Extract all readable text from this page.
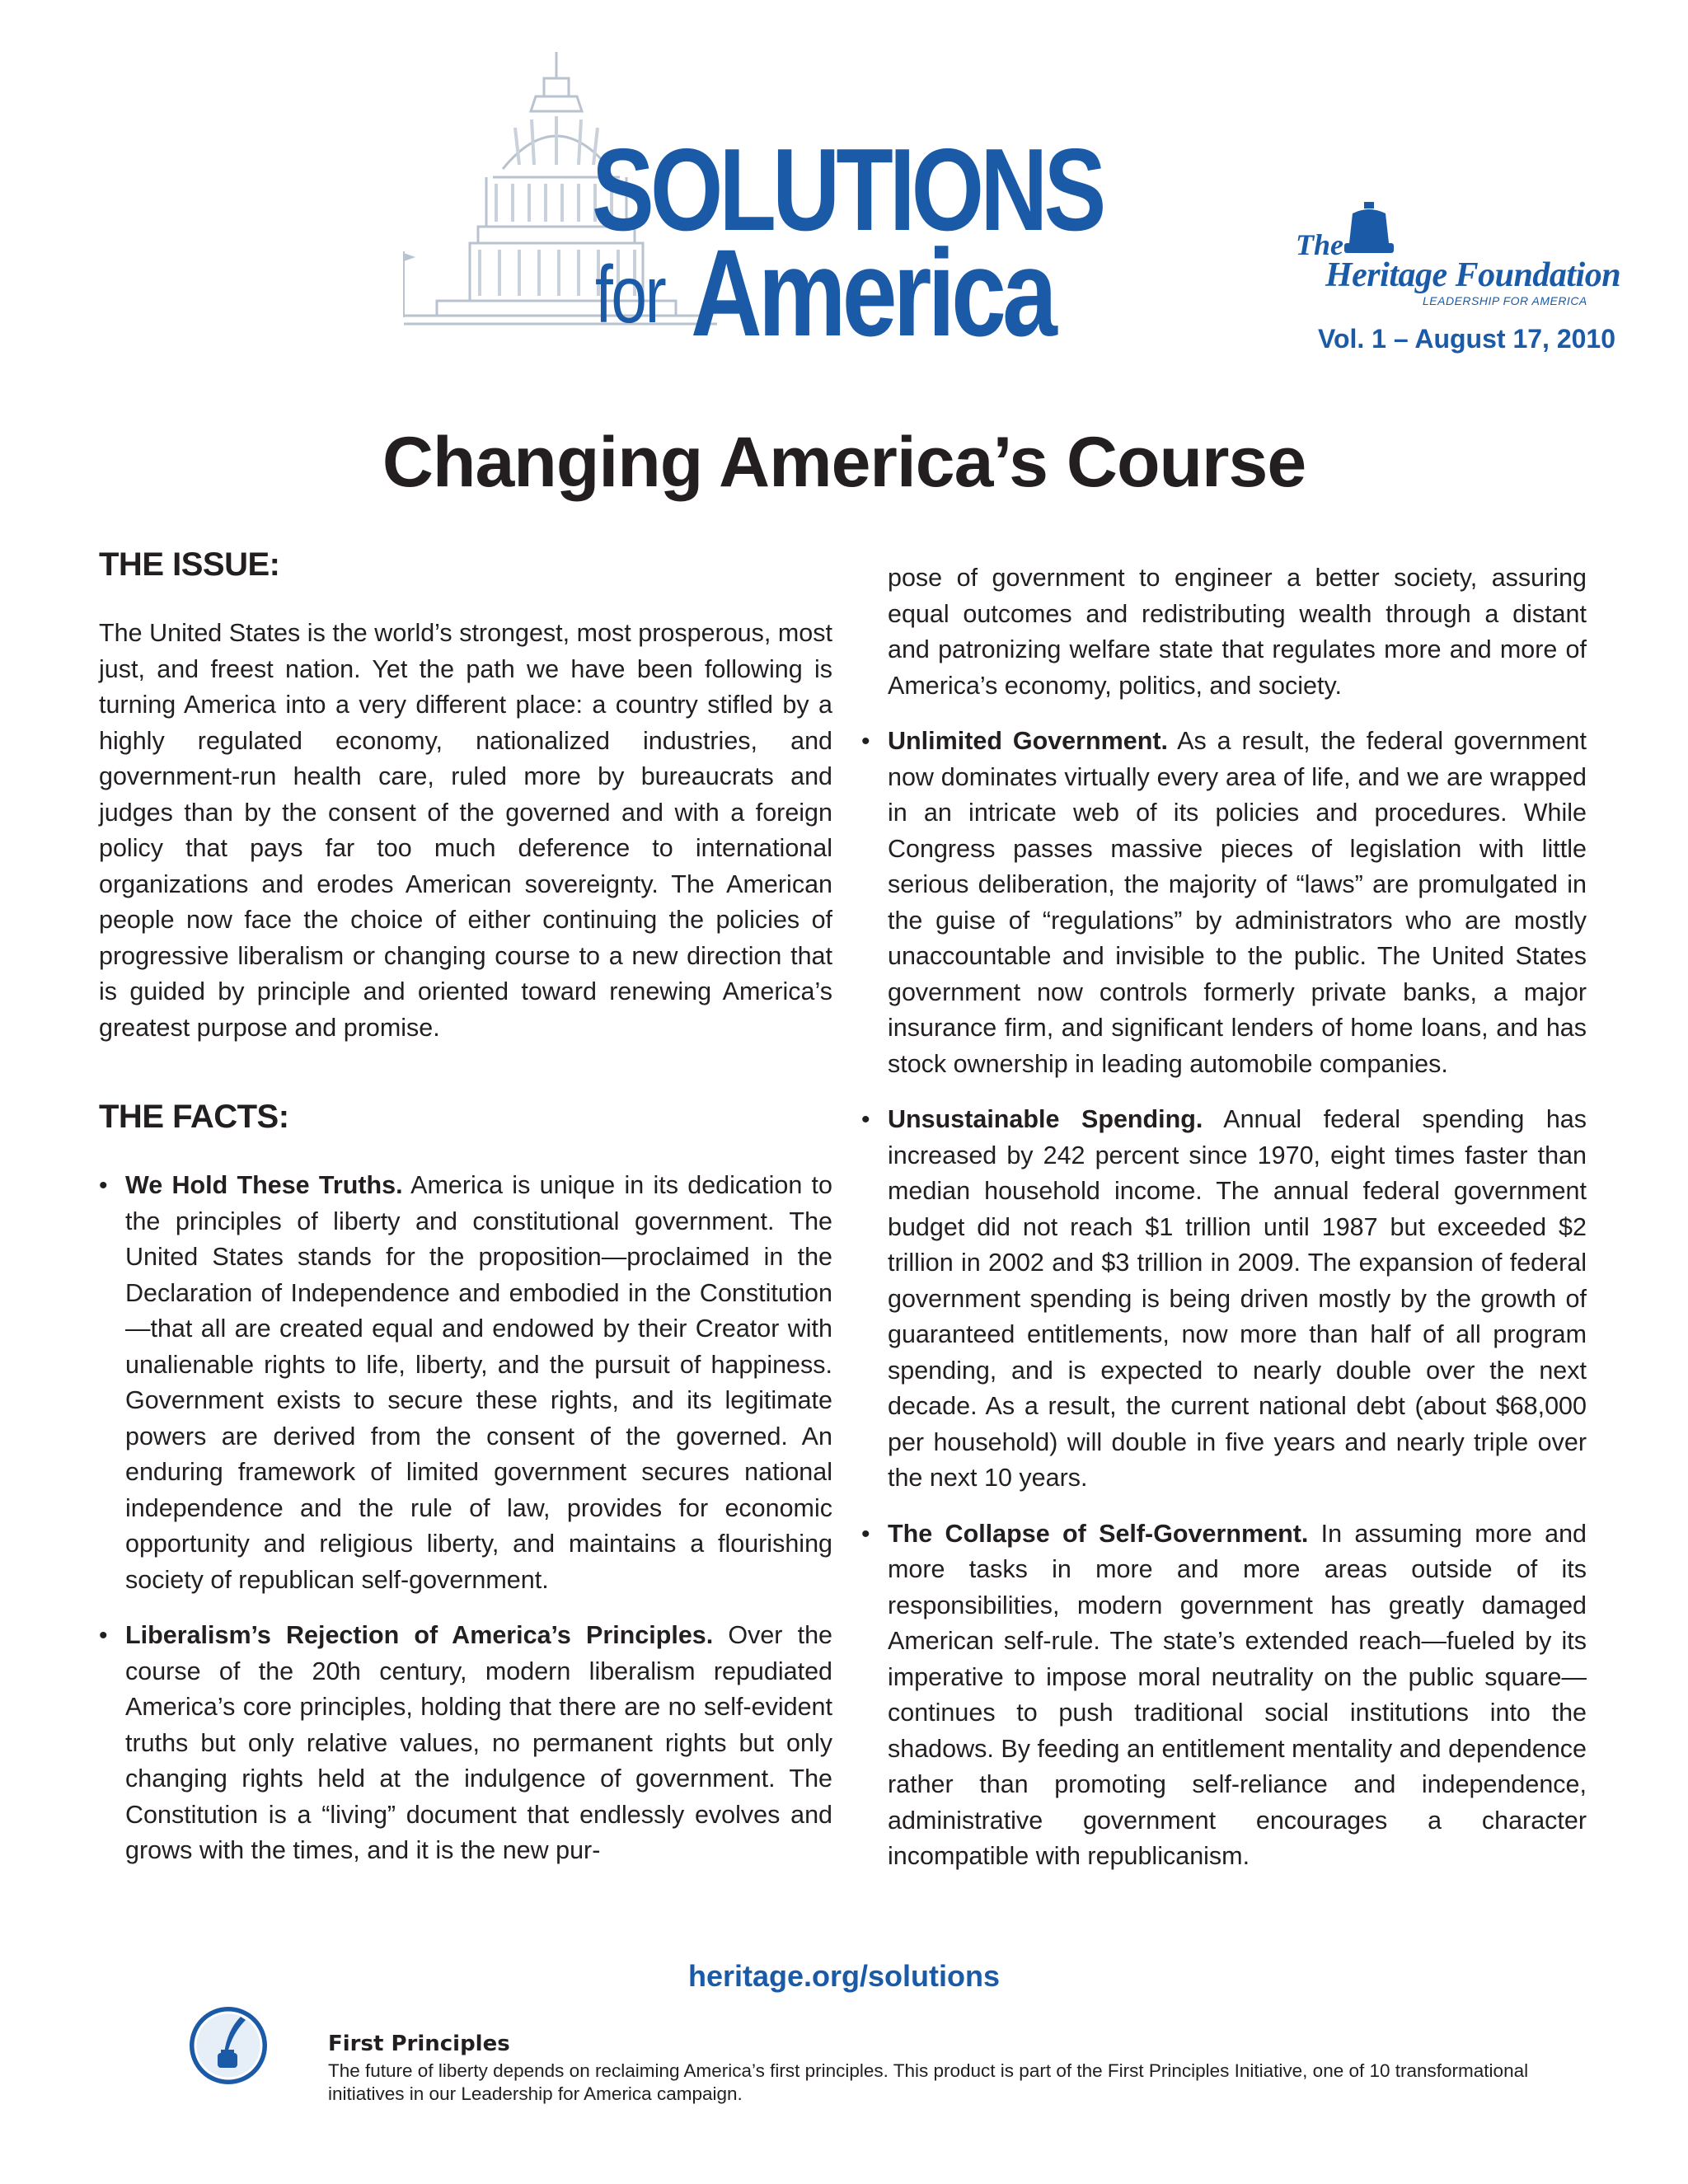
SOLUTIONS
for America	The
Heritage Foundation
LEADERSHIP FOR AMERICA
Vol. 1 – August 17, 2010
Changing America’s Course
THE ISSUE:

The United States is the world’s strongest, most prosperous, most just, and freest nation. Yet the path we have been following is turning America into a very different place: a country stifled by a highly regulated economy, nationalized industries, and government-run health care, ruled more by bureaucrats and judges than by the consent of the governed and with a foreign policy that pays far too much deference to international organizations and erodes American sovereignty. The American people now face the choice of either continuing the policies of progressive liberalism or changing course to a new direction that is guided by principle and oriented toward renewing America’s greatest purpose and promise.

THE FACTS:
• We Hold These Truths. America is unique in its dedication to the principles of liberty and constitutional government. The United States stands for the proposition—proclaimed in the Declaration of Independence and embodied in the Constitution—that all are created equal and endowed by their Creator with unalienable rights to life, liberty, and the pursuit of happiness. Government exists to secure these rights, and its legitimate powers are derived from the consent of the governed. An enduring framework of limited government secures national independence and the rule of law, provides for economic opportunity and religious liberty, and maintains a flourishing society of republican self-government.
• Liberalism’s Rejection of America’s Principles. Over the course of the 20th century, modern liberalism repudiated America’s core principles, holding that there are no self-evident truths but only relative values, no permanent rights but only changing rights held at the indulgence of government. The Constitution is a “living” document that endlessly evolves and grows with the times, and it is the new pur-

pose of government to engineer a better society, assuring equal outcomes and redistributing wealth through a distant and patronizing welfare state that regulates more and more of America’s economy, politics, and society.

• Unlimited Government. As a result, the federal government now dominates virtually every area of life, and we are wrapped in an intricate web of its policies and procedures. While Congress passes massive pieces of legislation with little serious deliberation, the majority of “laws” are promulgated in the guise of “regulations” by administrators who are mostly unaccountable and invisible to the public. The United States government now controls formerly private banks, a major insurance firm, and significant lenders of home loans, and has stock ownership in leading automobile companies.
• Unsustainable Spending. Annual federal spending has increased by 242 percent since 1970, eight times faster than median household income. The annual federal government budget did not reach $1 trillion until 1987 but exceeded $2 trillion in 2002 and $3 trillion in 2009. The expansion of federal government spending is being driven mostly by the growth of guaranteed entitlements, now more than half of all program spending, and is expected to nearly double over the next decade. As a result, the current national debt (about $68,000 per household) will double in five years and nearly triple over the next 10 years.
• The Collapse of Self-Government. In assuming more and more tasks in more and more areas outside of its responsibilities, modern government has greatly damaged American self-rule. The state’s extended reach—fueled by its imperative to impose moral neutrality on the public square—continues to push traditional social institutions into the shadows. By feeding an entitlement mentality and dependence rather than promoting self-reliance and independence, administrative government encourages a character incompatible with republicanism.
heritage.org/solutions
First Principles
The future of liberty depends on reclaiming America’s first principles. This product is part of the First Principles Initiative, one of 10 transformational initiatives in our Leadership for America campaign.
